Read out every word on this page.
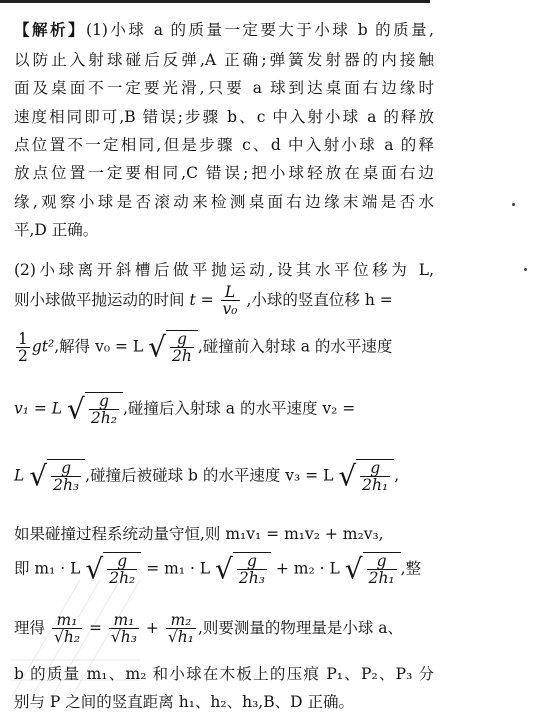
【解析】(1)小球 a 的质量一定要大于小球 b 的质量,
以防止入射球碰后反弹,A 正确;弹簧发射器的内接触
面及桌面不一定要光滑,只要 a 球到达桌面右边缘时
速度相同即可,B 错误;步骤 b、c 中入射小球 a 的释放
点位置不一定相同,但是步骤 c、d 中入射小球 a 的释
放点位置一定要相同,C 错误;把小球轻放在桌面右边
缘,观察小球是否滚动来检测桌面右边缘末端是否水
平,D 正确。
(2)小球离开斜槽后做平抛运动,设其水平位移为 L,
则小球做平抛运动的时间 $t = \frac{L}{\text{v₀}}$ ,小球的竖直位移 h =
$\frac{1}{2} gt^2$,解得 v₀ = L √ $\frac{g}{2h}$ ,碰撞前入射球 a 的水平速度
v₁ = L √ $\frac{g}{\text{2h₂}}$ ,碰撞后入射球 a 的水平速度 v₂ =
L √ $\frac{g}{\text{2h₃}}$ ,碰撞后被碰球 b 的水平速度 v₃ = L √ $\frac{g}{\text{2h₁}}$ ,
如果碰撞过程系统动量守恒,则 m₁v₁ = m₁v₂ + m₂v₃,
即 m₁ · L √ $\frac{g}{\text{2h₂}} = m_1 \cdot L$ √ $\frac{g}{\text{2h₃}} + m_2 \cdot L$ √ $\frac{g}{\text{2h₁}}$ ,整
理得 $\frac{\text{m₁}}{\text{√h₂}} = \frac{\text{m₁}}{\text{√h₃}} + \frac{\text{m₂}}{\text{√h₁}}$ ,则要测量的物理量是小球 a、
b 的质量 m₁、m₂ 和小球在木板上的压痕 P₁、P₂、P₃ 分
别与 P 之间的竖直距离 h₁、h₂、h₃,B、D 正确。
